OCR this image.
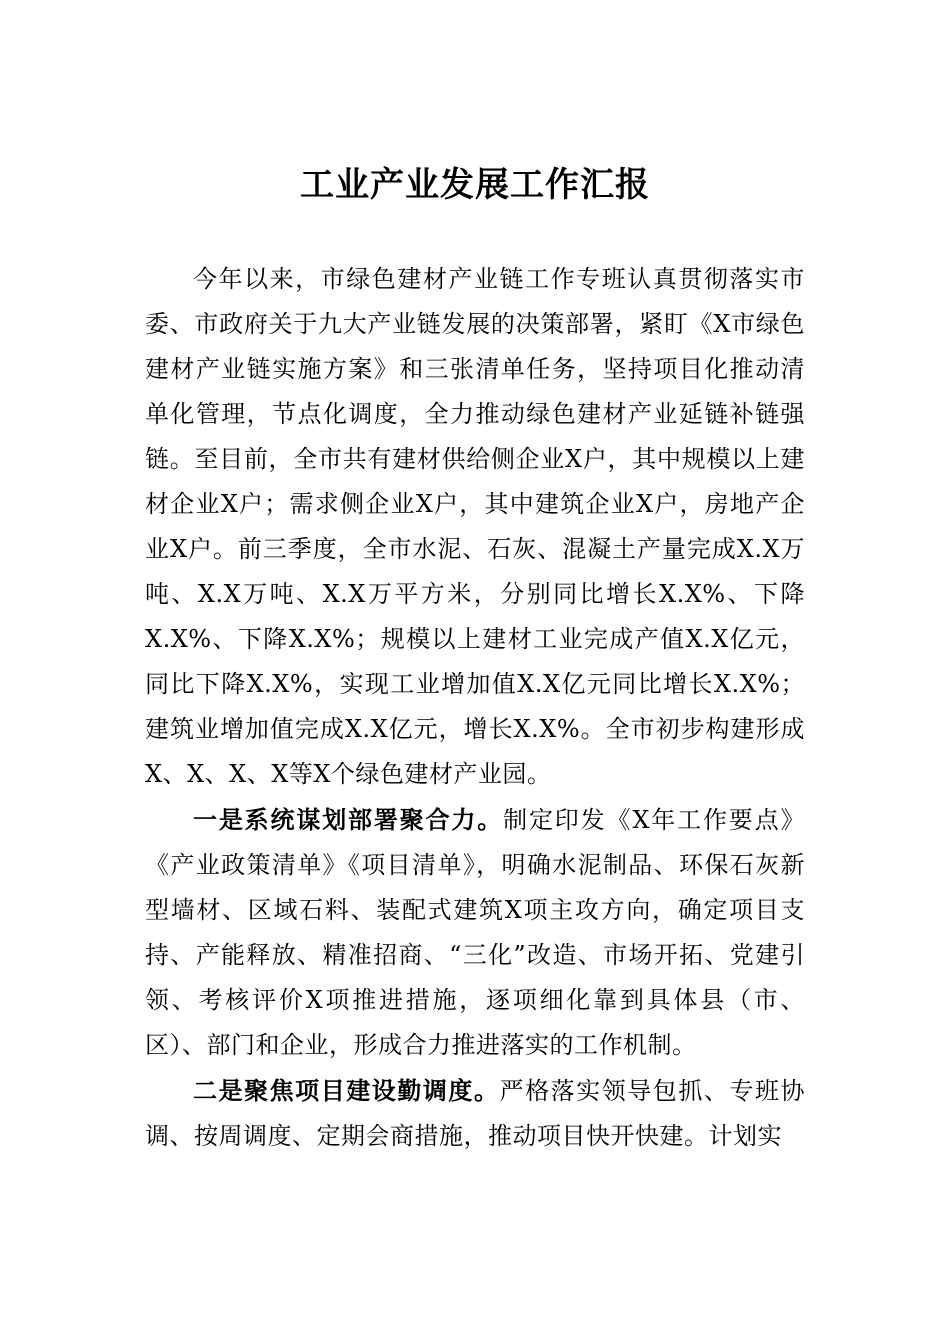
工业产业发展工作汇报

今年以来，市绿色建材产业链工作专班认真贯彻落实市委、市政府关于九大产业链发展的决策部署，紧盯《X市绿色建材产业链实施方案》和三张清单任务，坚持项目化推动清单化管理，节点化调度，全力推动绿色建材产业延链补链强链。至目前，全市共有建材供给侧企业X户，其中规模以上建材企业X户；需求侧企业X户，其中建筑企业X户，房地产企业X户。前三季度，全市水泥、石灰、混凝土产量完成X.X万吨、X.X万吨、X.X万平方米，分别同比增长X.X%、下降X.X%、下降X.X%；规模以上建材工业完成产值X.X亿元，同比下降X.X%，实现工业增加值X.X亿元同比增长X.X%；建筑业增加值完成X.X亿元，增长X.X%。全市初步构建形成X、X、X、X等X个绿色建材产业园。

一是系统谋划部署聚合力。制定印发《X年工作要点》《产业政策清单》《项目清单》，明确水泥制品、环保石灰新型墙材、区域石料、装配式建筑X项主攻方向，确定项目支持、产能释放、精准招商、“三化”改造、市场开拓、党建引领、考核评价X项推进措施，逐项细化靠到具体县（市、区）、部门和企业，形成合力推进落实的工作机制。

二是聚焦项目建设勤调度。严格落实领导包抓、专班协调、按周调度、定期会商措施，推动项目快开快建。计划实
